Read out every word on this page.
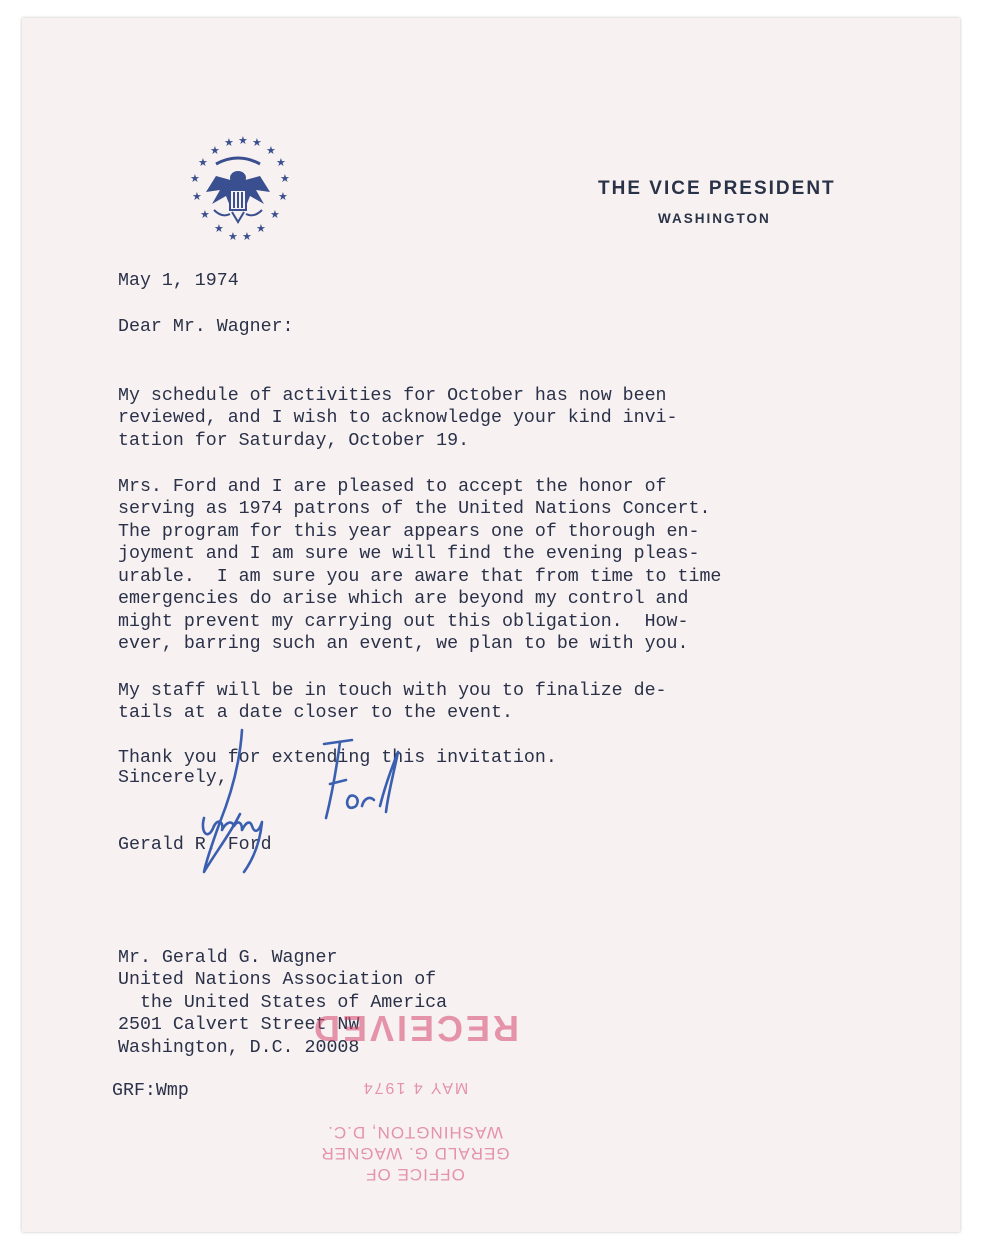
★ ★ ★
★	★
★	★
★	★
★	★
★	★
★	★
★ ★
THE VICE PRESIDENT
WASHINGTON
May 1, 1974
Dear Mr. Wagner:

My schedule of activities for October has now been
reviewed, and I wish to acknowledge your kind invi-
tation for Saturday, October 19.

Mrs. Ford and I are pleased to accept the honor of
serving as 1974 patrons of the United Nations Concert.
The program for this year appears one of thorough en-
joyment and I am sure we will find the evening pleas-
urable.  I am sure you are aware that from time to time
emergencies do arise which are beyond my control and
might prevent my carrying out this obligation.  How-
ever, barring such an event, we plan to be with you.

My staff will be in touch with you to finalize de-
tails at a date closer to the event.

Thank you for extending this invitation.

Sincerely,
Gerald R. Ford

Mr. Gerald G. Wagner
United Nations Association of
the United States of America
2501 Calvert Street NW
Washington, D.C. 20008

GRF:Wmp
OFFICE OF
GERALD G. WAGNER
WASHINGTON, D.C.
MAY 4 1974
RECEIVED
